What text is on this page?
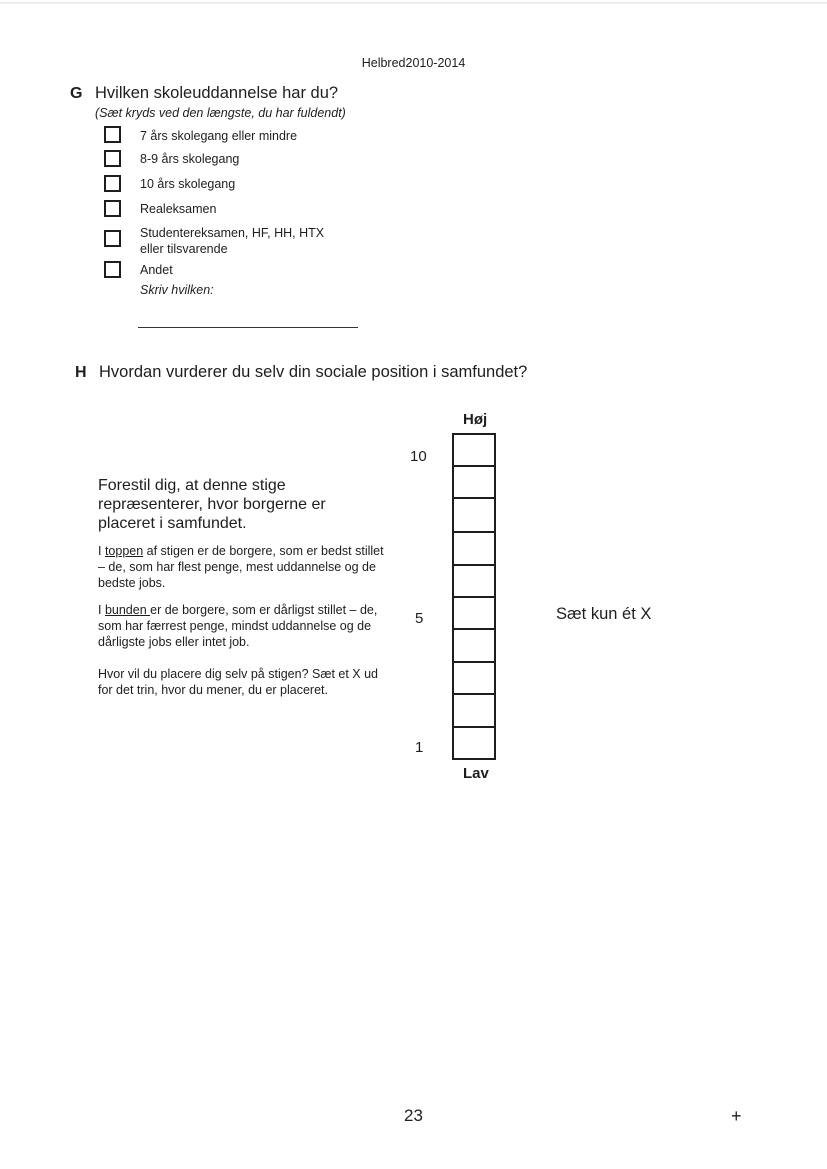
Helbred2010-2014
G Hvilken skoleuddannelse har du?
(Sæt kryds ved den længste, du har fuldendt)
7 års skolegang eller mindre
8-9 års skolegang
10 års skolegang
Realeksamen
Studentereksamen, HF, HH, HTX
eller tilsvarende
Andet
Skriv hvilken:
H Hvordan vurderer du selv din sociale position i samfundet?
Forestil dig, at denne stige repræsenterer, hvor borgerne er placeret i samfundet.
I toppen af stigen er de borgere, som er bedst stillet – de, som har flest penge, mest uddannelse og de bedste jobs.
I bunden er de borgere, som er dårligst stillet – de, som har færrest penge, mindst uddannelse og de dårligste jobs eller intet job.
Hvor vil du placere dig selv på stigen? Sæt et X ud for det trin, hvor du mener, du er placeret.
Høj
10
5
1
Lav
Sæt kun ét X
23	+
